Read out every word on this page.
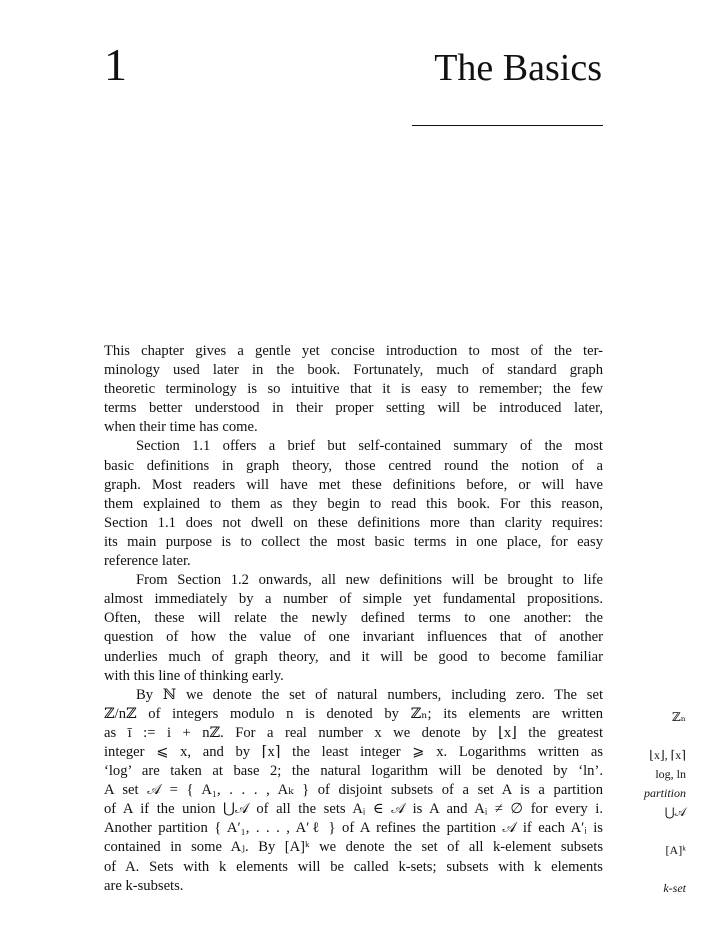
1	The Basics
This chapter gives a gentle yet concise introduction to most of the ter-
minology used later in the book. Fortunately, much of standard graph
theoretic terminology is so intuitive that it is easy to remember; the few
terms better understood in their proper setting will be introduced later,
when their time has come.
Section 1.1 offers a brief but self-contained summary of the most
basic definitions in graph theory, those centred round the notion of a
graph. Most readers will have met these definitions before, or will have
them explained to them as they begin to read this book. For this reason,
Section 1.1 does not dwell on these definitions more than clarity requires:
its main purpose is to collect the most basic terms in one place, for easy
reference later.
From Section 1.2 onwards, all new definitions will be brought to life
almost immediately by a number of simple yet fundamental propositions.
Often, these will relate the newly defined terms to one another: the
question of how the value of one invariant influences that of another
underlies much of graph theory, and it will be good to become familiar
with this line of thinking early.
By ℕ we denote the set of natural numbers, including zero. The set
ℤ/nℤ of integers modulo n is denoted by ℤₙ; its elements are written
as ī := i + nℤ. For a real number x we denote by ⌊x⌋ the greatest
integer ⩽ x, and by ⌈x⌉ the least integer ⩾ x. Logarithms written as
‘log’ are taken at base 2; the natural logarithm will be denoted by ‘ln’.
A set 𝒜 = { A₁, . . . , Aₖ } of disjoint subsets of a set A is a partition
of A if the union ⋃𝒜 of all the sets Aᵢ ∈ 𝒜 is A and Aᵢ ≠ ∅ for every i.
Another partition { A′₁, . . . , A′ℓ } of A refines the partition 𝒜 if each A′ᵢ is
contained in some Aⱼ. By [A]ᵏ we denote the set of all k-element subsets
of A. Sets with k elements will be called k-sets; subsets with k elements
are k-subsets.
ℤₙ
⌊x⌋, ⌈x⌉
log, ln
partition
⋃𝒜
[A]ᵏ
k-set
